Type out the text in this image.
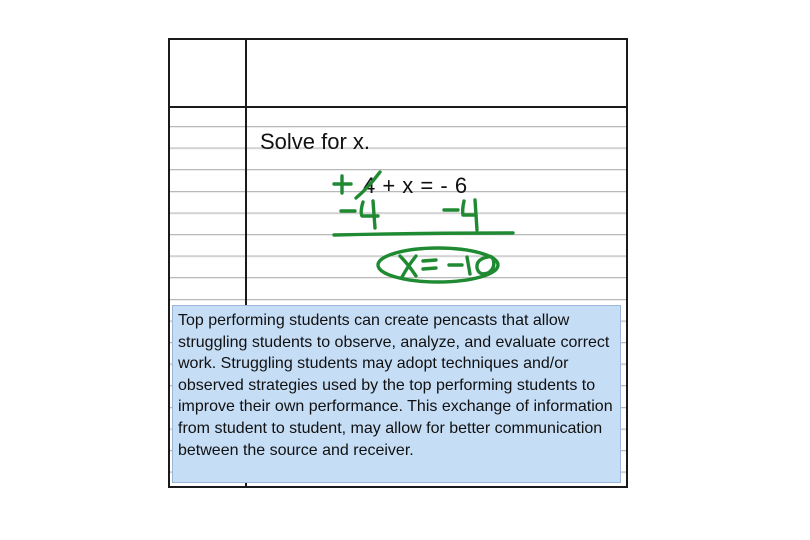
Solve for x.
4 + x = - 6
Top performing students can create pencasts that allow struggling students to observe, analyze, and evaluate correct work. Struggling students may adopt techniques and/or observed strategies used by the top performing students to improve their own performance. This exchange of information from student to student, may allow for better communication between the source and receiver.
